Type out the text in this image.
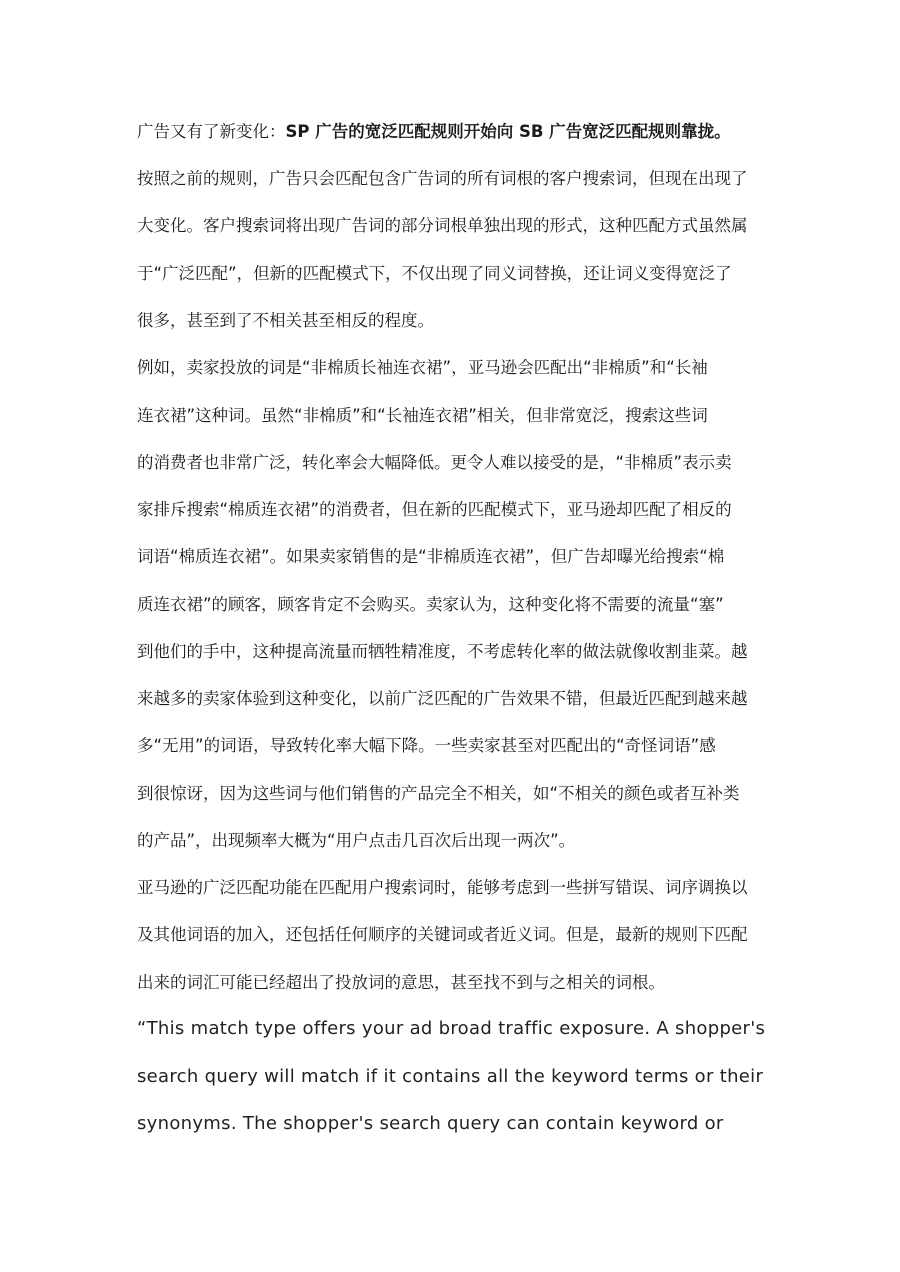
广告又有了新变化：SP 广告的宽泛匹配规则开始向 SB 广告宽泛匹配规则靠拢。
按照之前的规则，广告只会匹配包含广告词的所有词根的客户搜索词，但现在出现了
大变化。客户搜索词将出现广告词的部分词根单独出现的形式，这种匹配方式虽然属
于“广泛匹配”，但新的匹配模式下，不仅出现了同义词替换，还让词义变得宽泛了
很多，甚至到了不相关甚至相反的程度。
例如，卖家投放的词是“非棉质长袖连衣裙”，亚马逊会匹配出“非棉质”和“长袖
连衣裙”这种词。虽然“非棉质”和“长袖连衣裙”相关，但非常宽泛，搜索这些词
的消费者也非常广泛，转化率会大幅降低。更令人难以接受的是，“非棉质”表示卖
家排斥搜索“棉质连衣裙”的消费者，但在新的匹配模式下，亚马逊却匹配了相反的
词语“棉质连衣裙”。如果卖家销售的是“非棉质连衣裙”，但广告却曝光给搜索“棉
质连衣裙”的顾客，顾客肯定不会购买。卖家认为，这种变化将不需要的流量“塞”
到他们的手中，这种提高流量而牺牲精准度，不考虑转化率的做法就像收割韭菜。越
来越多的卖家体验到这种变化，以前广泛匹配的广告效果不错，但最近匹配到越来越
多“无用”的词语，导致转化率大幅下降。一些卖家甚至对匹配出的“奇怪词语”感
到很惊讶，因为这些词与他们销售的产品完全不相关，如“不相关的颜色或者互补类
的产品”，出现频率大概为“用户点击几百次后出现一两次”。
亚马逊的广泛匹配功能在匹配用户搜索词时，能够考虑到一些拼写错误、词序调换以
及其他词语的加入，还包括任何顺序的关键词或者近义词。但是，最新的规则下匹配
出来的词汇可能已经超出了投放词的意思，甚至找不到与之相关的词根。
“This match type offers your ad broad traffic exposure. A shopper's
search query will match if it contains all the keyword terms or their
synonyms. The shopper's search query can contain keyword or
